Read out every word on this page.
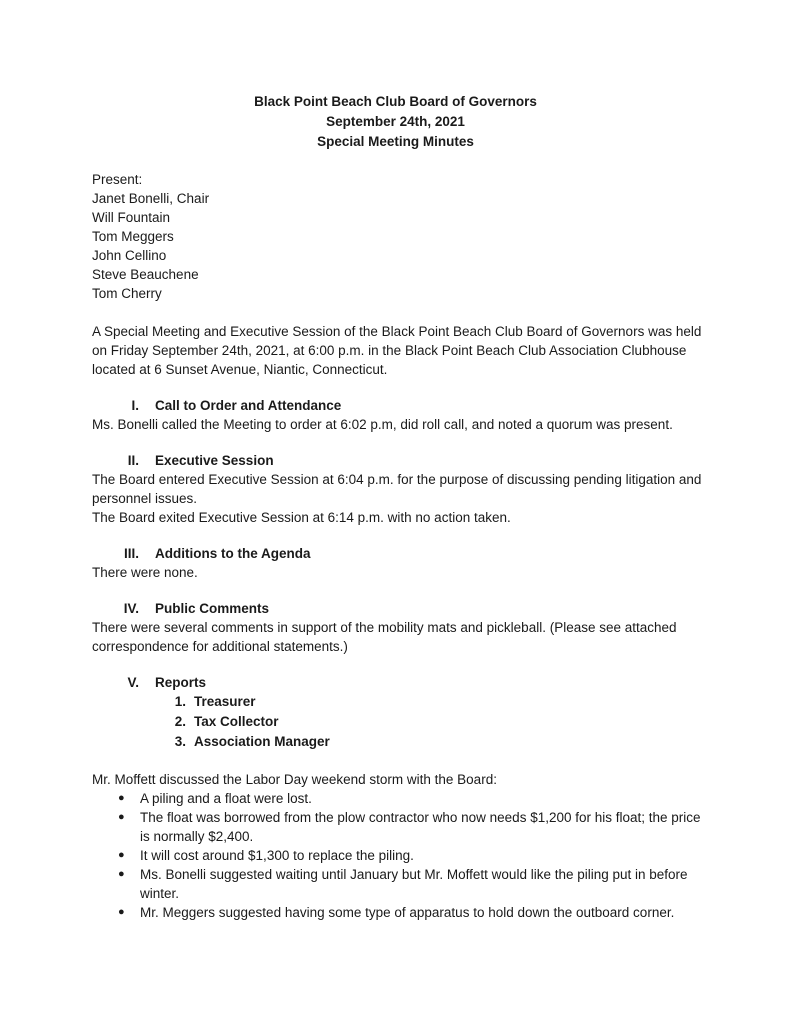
Black Point Beach Club Board of Governors
September 24th, 2021
Special Meeting Minutes
Present:
Janet Bonelli, Chair
Will Fountain
Tom Meggers
John Cellino
Steve Beauchene
Tom Cherry
A Special Meeting and Executive Session of the Black Point Beach Club Board of Governors was held on Friday September 24th, 2021, at 6:00 p.m. in the Black Point Beach Club Association Clubhouse located at 6 Sunset Avenue, Niantic, Connecticut.
I. Call to Order and Attendance
Ms. Bonelli called the Meeting to order at 6:02 p.m, did roll call, and noted a quorum was present.
II. Executive Session
The Board entered Executive Session at 6:04 p.m. for the purpose of discussing pending litigation and personnel issues.
The Board exited Executive Session at 6:14 p.m. with no action taken.
III. Additions to the Agenda
There were none.
IV. Public Comments
There were several comments in support of the mobility mats and pickleball. (Please see attached correspondence for additional statements.)
V. Reports
1. Treasurer
2. Tax Collector
3. Association Manager
Mr. Moffett discussed the Labor Day weekend storm with the Board:
● A piling and a float were lost.
● The float was borrowed from the plow contractor who now needs $1,200 for his float; the price is normally $2,400.
● It will cost around $1,300 to replace the piling.
● Ms. Bonelli suggested waiting until January but Mr. Moffett would like the piling put in before winter.
● Mr. Meggers suggested having some type of apparatus to hold down the outboard corner.
